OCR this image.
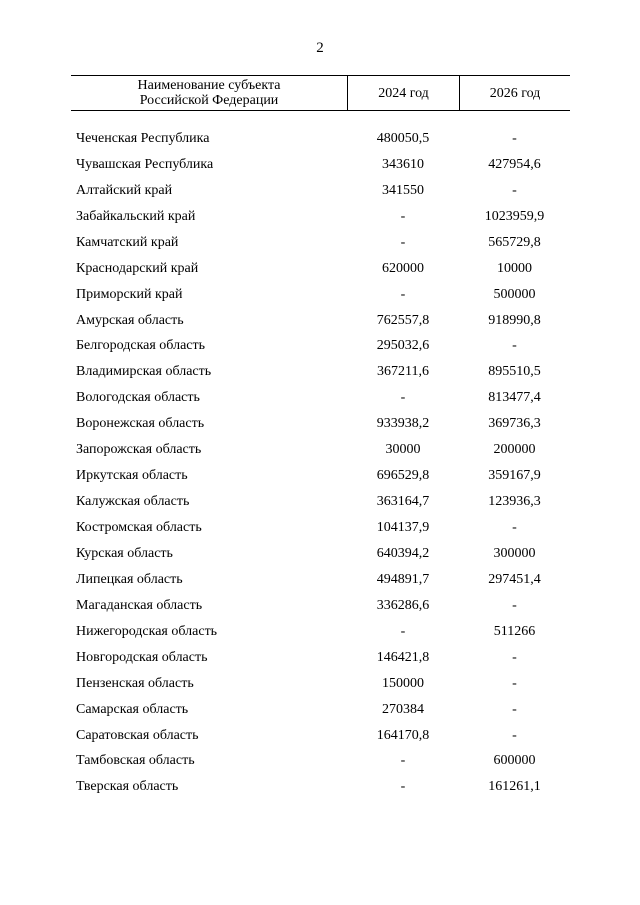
2
Наименование субъекта
Российской Федерации	2024 год	2026 год
Чеченская Республика	480050,5	-
Чувашская Республика	343610	427954,6
Алтайский край	341550	-
Забайкальский край	-	1023959,9
Камчатский край	-	565729,8
Краснодарский край	620000	10000
Приморский край	-	500000
Амурская область	762557,8	918990,8
Белгородская область	295032,6	-
Владимирская область	367211,6	895510,5
Вологодская область	-	813477,4
Воронежская область	933938,2	369736,3
Запорожская область	30000	200000
Иркутская область	696529,8	359167,9
Калужская область	363164,7	123936,3
Костромская область	104137,9	-
Курская область	640394,2	300000
Липецкая область	494891,7	297451,4
Магаданская область	336286,6	-
Нижегородская область	-	511266
Новгородская область	146421,8	-
Пензенская область	150000	-
Самарская область	270384	-
Саратовская область	164170,8	-
Тамбовская область	-	600000
Тверская область	-	161261,1
